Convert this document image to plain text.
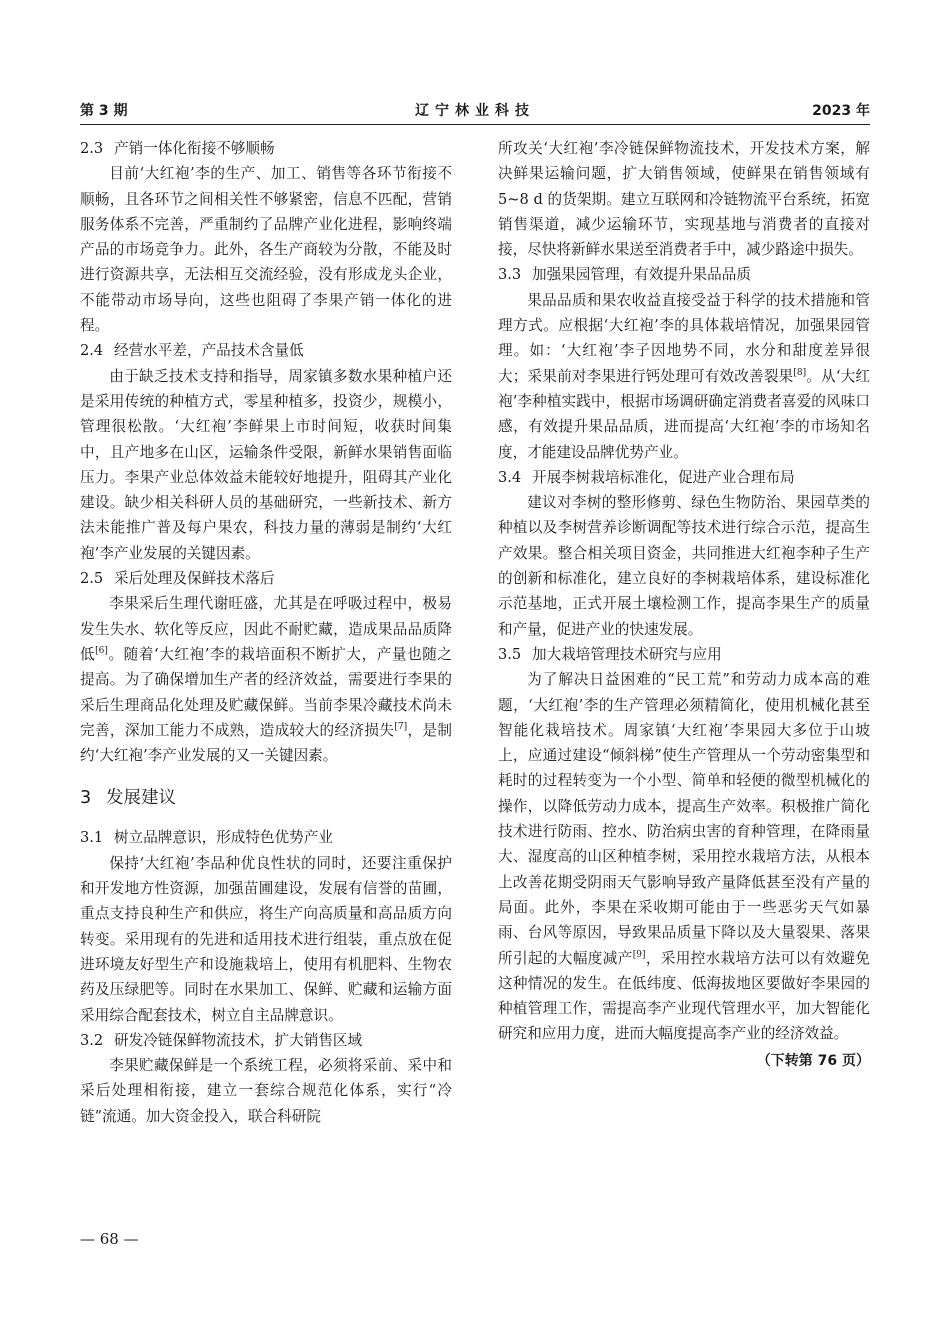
第 3 期	辽宁林业科技	2023 年
2.3 产销一体化衔接不够顺畅

目前‘大红袍’李的生产、加工、销售等各环节衔接不顺畅，且各环节之间相关性不够紧密，信息不匹配，营销服务体系不完善，严重制约了品牌产业化进程，影响终端产品的市场竞争力。此外，各生产商较为分散，不能及时进行资源共享，无法相互交流经验，没有形成龙头企业，不能带动市场导向，这些也阻碍了李果产销一体化的进程。

2.4 经营水平差，产品技术含量低

由于缺乏技术支持和指导，周家镇多数水果种植户还是采用传统的种植方式，零星种植多，投资少，规模小，管理很松散。‘大红袍’李鲜果上市时间短，收获时间集中，且产地多在山区，运输条件受限，新鲜水果销售面临压力。李果产业总体效益未能较好地提升，阻碍其产业化建设。缺少相关科研人员的基础研究，一些新技术、新方法未能推广普及每户果农，科技力量的薄弱是制约‘大红袍’李产业发展的关键因素。

2.5 采后处理及保鲜技术落后

李果采后生理代谢旺盛，尤其是在呼吸过程中，极易发生失水、软化等反应，因此不耐贮藏，造成果品品质降低[6]。随着‘大红袍’李的栽培面积不断扩大，产量也随之提高。为了确保增加生产者的经济效益，需要进行李果的采后生理商品化处理及贮藏保鲜。当前李果冷藏技术尚未完善，深加工能力不成熟，造成较大的经济损失[7]，是制约‘大红袍’李产业发展的又一关键因素。

3 发展建议
3.1 树立品牌意识，形成特色优势产业

保持‘大红袍’李品种优良性状的同时，还要注重保护和开发地方性资源，加强苗圃建设，发展有信誉的苗圃，重点支持良种生产和供应，将生产向高质量和高品质方向转变。采用现有的先进和适用技术进行组装，重点放在促进环境友好型生产和设施栽培上，使用有机肥料、生物农药及压绿肥等。同时在水果加工、保鲜、贮藏和运输方面采用综合配套技术，树立自主品牌意识。

3.2 研发冷链保鲜物流技术，扩大销售区域

李果贮藏保鲜是一个系统工程，必须将采前、采中和采后处理相衔接，建立一套综合规范化体系，实行“冷链”流通。加大资金投入，联合科研院

所攻关‘大红袍’李冷链保鲜物流技术，开发技术方案，解决鲜果运输问题，扩大销售领域，使鲜果在销售领域有 5~8 d 的货架期。建立互联网和冷链物流平台系统，拓宽销售渠道，减少运输环节，实现基地与消费者的直接对接，尽快将新鲜水果送至消费者手中，减少路途中损失。

3.3 加强果园管理，有效提升果品品质

果品品质和果农收益直接受益于科学的技术措施和管理方式。应根据‘大红袍’李的具体栽培情况，加强果园管理。如：‘大红袍’李子因地势不同，水分和甜度差异很大；采果前对李果进行钙处理可有效改善裂果[8]。从‘大红袍’李种植实践中，根据市场调研确定消费者喜爱的风味口感，有效提升果品品质，进而提高‘大红袍’李的市场知名度，才能建设品牌优势产业。

3.4 开展李树栽培标准化，促进产业合理布局

建议对李树的整形修剪、绿色生物防治、果园草类的种植以及李树营养诊断调配等技术进行综合示范，提高生产效果。整合相关项目资金，共同推进大红袍李种子生产的创新和标准化，建立良好的李树栽培体系，建设标准化示范基地，正式开展土壤检测工作，提高李果生产的质量和产量，促进产业的快速发展。

3.5 加大栽培管理技术研究与应用

为了解决日益困难的“民工荒”和劳动力成本高的难题，‘大红袍’李的生产管理必须精简化，使用机械化甚至智能化栽培技术。周家镇‘大红袍’李果园大多位于山坡上，应通过建设“倾斜梯”使生产管理从一个劳动密集型和耗时的过程转变为一个小型、简单和轻便的微型机械化的操作，以降低劳动力成本，提高生产效率。积极推广简化技术进行防雨、控水、防治病虫害的育种管理，在降雨量大、湿度高的山区种植李树，采用控水栽培方法，从根本上改善花期受阴雨天气影响导致产量降低甚至没有产量的局面。此外，李果在采收期可能由于一些恶劣天气如暴雨、台风等原因，导致果品质量下降以及大量裂果、落果所引起的大幅度减产[9]，采用控水栽培方法可以有效避免这种情况的发生。在低纬度、低海拔地区要做好李果园的种植管理工作，需提高李产业现代管理水平，加大智能化研究和应用力度，进而大幅度提高李产业的经济效益。

（下转第 76 页）
— 68 —
